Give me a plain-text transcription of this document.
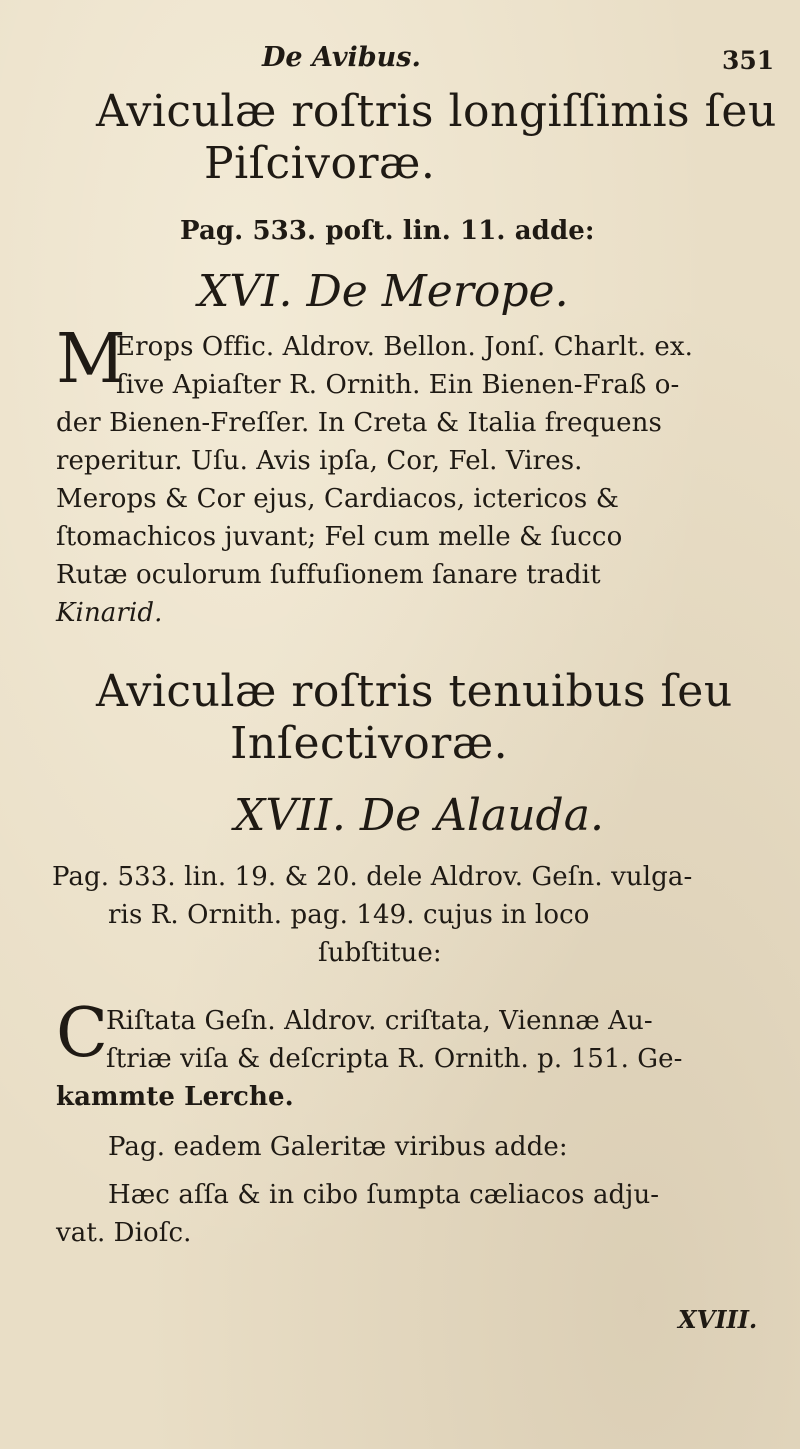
De Avibus.	351
Aviculæ roſtris longiſſimis ſeu
Piſcivoræ.
Pag. 533. poſt. lin. 11. adde:
XVI. De Merope.
M
Erops Offic. Aldrov. Bellon. Jonſ. Charlt. ex.
ſive Apiaſter R. Ornith. Ein Bienen-Fraß o-
der Bienen-Freſſer. In Creta & Italia frequens
reperitur. Uſu. Avis ipſa, Cor, Fel. Vires.
Merops & Cor ejus, Cardiacos, ictericos &
ſtomachicos juvant; Fel cum melle & ſucco
Rutæ oculorum ſuffuſionem ſanare tradit
Kinarid.
Aviculæ roſtris tenuibus ſeu
Inſectivoræ.
XVII. De Alauda.
Pag. 533. lin. 19. & 20. dele Aldrov. Geſn. vulga-
ris R. Ornith. pag. 149. cujus in loco
ſubſtitue:
C
Riſtata Geſn. Aldrov. criſtata, Viennæ Au-
ſtriæ viſa & deſcripta R. Ornith. p. 151. Ge-
kammte Lerche.
Pag. eadem Galeritæ viribus adde:
Hæc aſſa & in cibo ſumpta cæliacos adju-
vat. Dioſc.
XVIII.
